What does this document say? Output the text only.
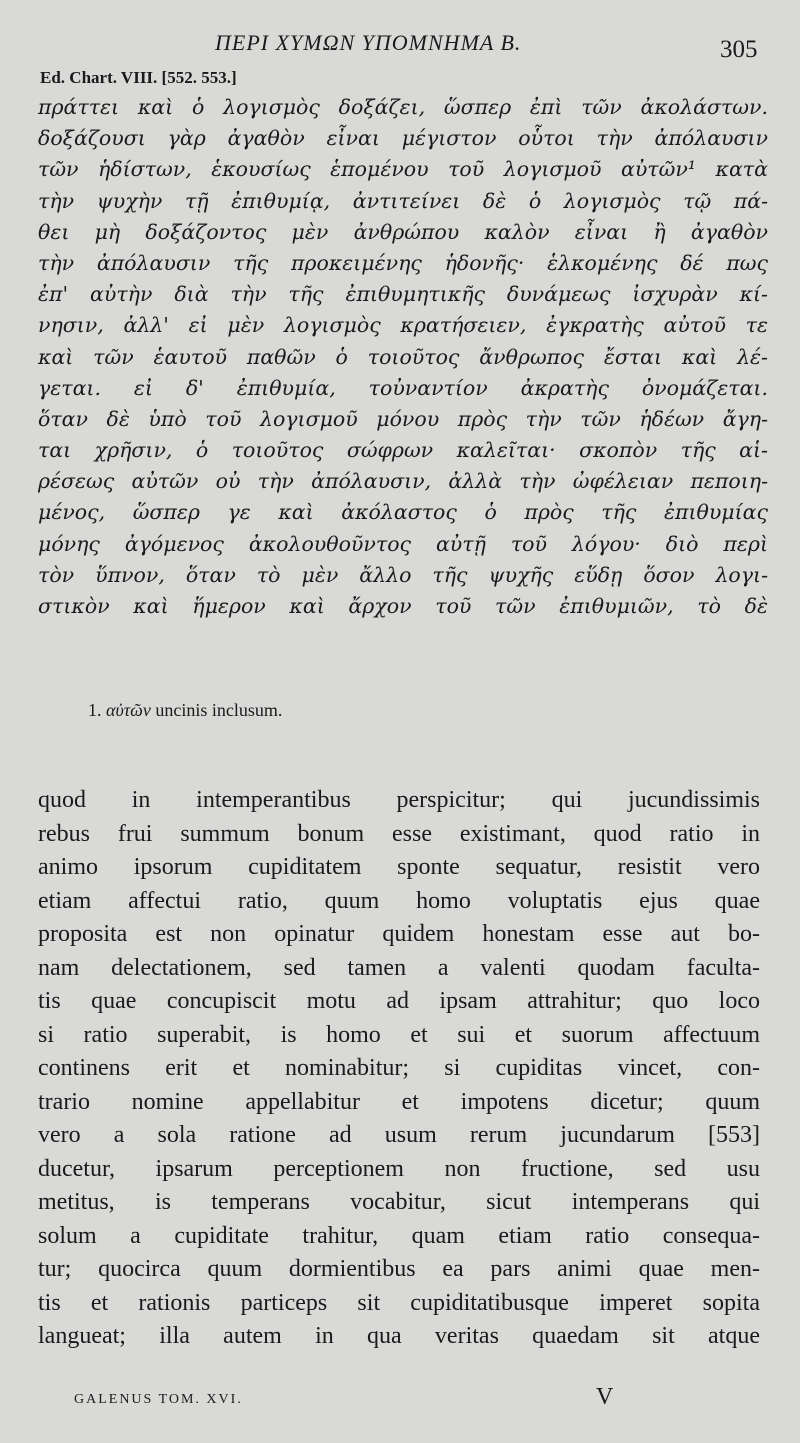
ΠΕΡΙ ΧΥΜΩΝ ΥΠΟΜΝΗΜΑ Β.	305
Ed. Chart. VIII. [552. 553.]
πράττει καὶ ὁ λογισμὸς δοξάζει, ὥσπερ ἐπὶ τῶν ἀκολάστων.
δοξάζουσι γὰρ ἀγαθὸν εἶναι μέγιστον οὗτοι τὴν ἀπόλαυσιν
τῶν ἡδίστων, ἑκουσίως ἑπομένου τοῦ λογισμοῦ αὐτῶν¹ κατὰ
τὴν ψυχὴν τῇ ἐπιθυμίᾳ, ἀντιτείνει δὲ ὁ λογισμὸς τῷ πά-
θει μὴ δοξάζοντος μὲν ἀνθρώπου καλὸν εἶναι ἢ ἀγαθὸν
τὴν ἀπόλαυσιν τῆς προκειμένης ἡδονῆς· ἑλκομένης δέ πως
ἐπ' αὐτὴν διὰ τὴν τῆς ἐπιθυμητικῆς δυνάμεως ἰσχυρὰν κί-
νησιν, ἀλλ' εἰ μὲν λογισμὸς κρατήσειεν, ἐγκρατὴς αὐτοῦ τε
καὶ τῶν ἑαυτοῦ παθῶν ὁ τοιοῦτος ἄνθρωπος ἔσται καὶ λέ-
γεται. εἰ δ' ἐπιθυμία, τοὐναντίον ἀκρατὴς ὀνομάζεται.
ὅταν δὲ ὑπὸ τοῦ λογισμοῦ μόνου πρὸς τὴν τῶν ἡδέων ἄγη-
ται χρῆσιν, ὁ τοιοῦτος σώφρων καλεῖται· σκοπὸν τῆς αἱ-
ρέσεως αὐτῶν οὐ τὴν ἀπόλαυσιν, ἀλλὰ τὴν ὠφέλειαν πεποιη-
μένος, ὥσπερ γε καὶ ἀκόλαστος ὁ πρὸς τῆς ἐπιθυμίας
μόνης ἀγόμενος ἀκολουθοῦντος αὐτῇ τοῦ λόγου· διὸ περὶ
τὸν ὕπνον, ὅταν τὸ μὲν ἄλλο τῆς ψυχῆς εὕδῃ ὅσον λογι-
στικὸν καὶ ἥμερον καὶ ἄρχον τοῦ τῶν ἐπιθυμιῶν, τὸ δὲ
1. αὐτῶν uncinis inclusum.
quod in intemperantibus perspicitur; qui jucundissimis
rebus frui summum bonum esse existimant, quod ratio in
animo ipsorum cupiditatem sponte sequatur, resistit vero
etiam affectui ratio, quum homo voluptatis ejus quae
proposita est non opinatur quidem honestam esse aut bo-
nam delectationem, sed tamen a valenti quodam faculta-
tis quae concupiscit motu ad ipsam attrahitur; quo loco
si ratio superabit, is homo et sui et suorum affectuum
continens erit et nominabitur; si cupiditas vincet, con-
trario nomine appellabitur et impotens dicetur; quum
vero a sola ratione ad usum rerum jucundarum [553]
ducetur, ipsarum perceptionem non fructione, sed usu
metitus, is temperans vocabitur, sicut intemperans qui
solum a cupiditate trahitur, quam etiam ratio consequa-
tur; quocirca quum dormientibus ea pars animi quae men-
tis et rationis particeps sit cupiditatibusque imperet sopita
langueat; illa autem in qua veritas quaedam sit atque
GALENUS TOM. XVI.	V
